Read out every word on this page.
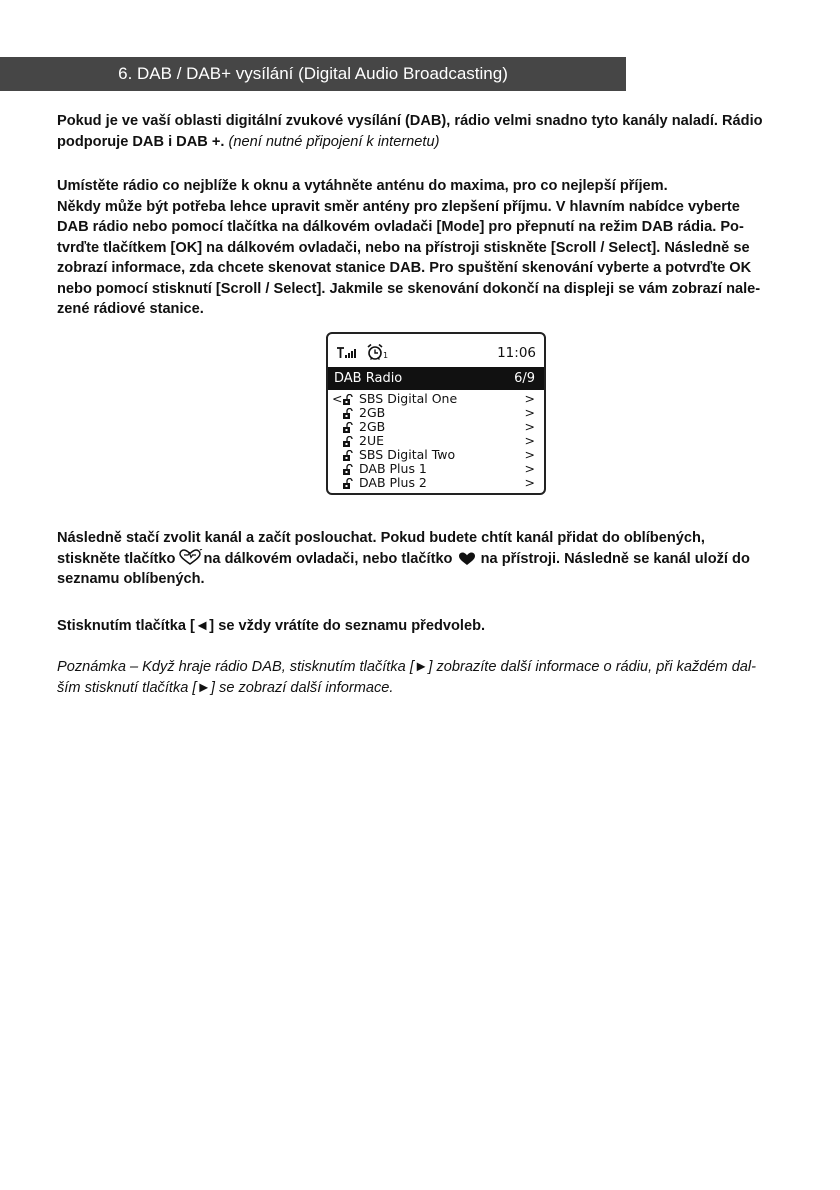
6. DAB / DAB+ vysílání (Digital Audio Broadcasting)
Pokud je ve vaší oblasti digitální zvukové vysílání (DAB), rádio velmi snadno tyto kanály naladí. Rádio
podporuje DAB i DAB +. (není nutné připojení k internetu)
Umístěte rádio co nejblíže k oknu a vytáhněte anténu do maxima, pro co nejlepší příjem.
Někdy může být potřeba lehce upravit směr antény pro zlepšení příjmu. V hlavním nabídce vyberte
DAB rádio nebo pomocí tlačítka na dálkovém ovladači [Mode] pro přepnutí na režim DAB rádia. Po-
tvrďte tlačítkem [OK] na dálkovém ovladači, nebo na přístroji stiskněte [Scroll / Select]. Následně se
zobrazí informace, zda chcete skenovat stanice DAB. Pro spuštění skenování vyberte a potvrďte OK
nebo pomocí stisknutí [Scroll / Select]. Jakmile se skenování dokončí na displeji se vám zobrazí nale-
zené rádiové stanice.
1	11:06
DAB Radio	6/9
< SBS Digital One	>
2GB	>
2GB	>
2UE	>
SBS Digital Two	>
DAB Plus 1	>
DAB Plus 2	>
Následně stačí zvolit kanál a začít poslouchat. Pokud budete chtít kanál přidat do oblíbených,
stiskněte tlačítko na dálkovém ovladači, nebo tlačítko na přístroji. Následně se kanál uloží do
seznamu oblíbených.
Stisknutím tlačítka [◄] se vždy vrátíte do seznamu předvoleb.
Poznámka – Když hraje rádio DAB, stisknutím tlačítka [►] zobrazíte další informace o rádiu, při každém dal-
ším stisknutí tlačítka [►] se zobrazí další informace.
